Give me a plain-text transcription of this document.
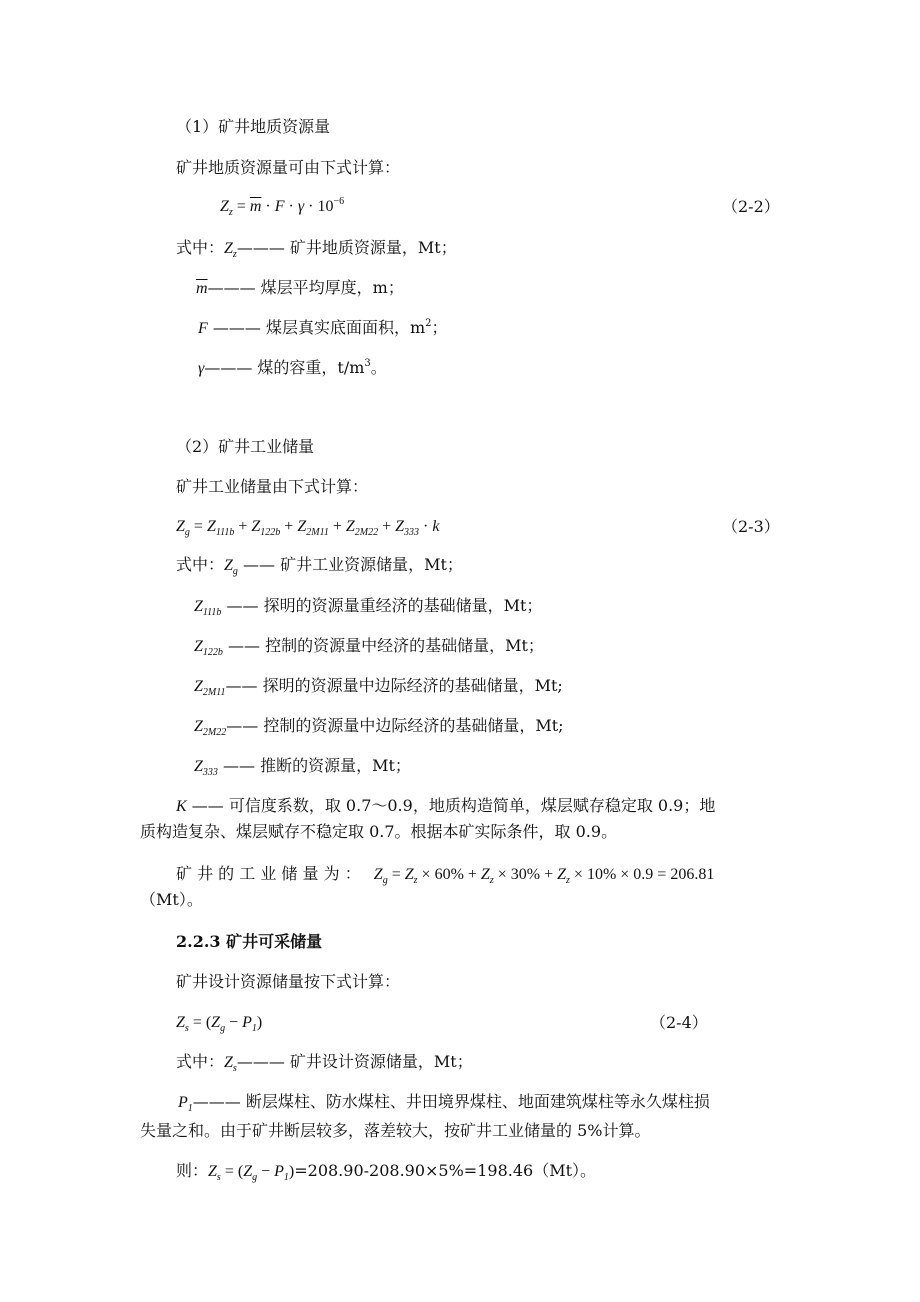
（1）矿井地质资源量
矿井地质资源量可由下式计算：
$Z_z = \overline{m} \cdot F \cdot \gamma \cdot 10^{-6}$	（2-2）
式中：$Z_z———$ 矿井地质资源量，Mt；
$\overline{m}———$ 煤层平均厚度，m；
F ——— 煤层真实底面面积，$m^2$；
γ——— 煤的容重，$t/m^3$。
（2）矿井工业储量
矿井工业储量由下式计算：
$Z_g = Z_{111b} + Z_{122b} + Z_{2M11} + Z_{2M22} + Z_{333} \cdot k$	（2-3）
式中：$Z_g$ —— 矿井工业资源储量，Mt；
$Z_{111b}$ —— 探明的资源量重经济的基础储量，Mt；
$Z_{122b}$ —— 控制的资源量中经济的基础储量，Mt；
$Z_{2M11}——$ 探明的资源量中边际经济的基础储量，Mt;
$Z_{2M22}——$ 控制的资源量中边际经济的基础储量，Mt;
$Z_{333}$ —— 推断的资源量，Mt；
K —— 可信度系数，取 0.7～0.9，地质构造简单，煤层赋存稳定取 0.9；地
质构造复杂、煤层赋存不稳定取 0.7。根据本矿实际条件，取 0.9。
矿 井 的 工 业 储 量 为 ： $Z_g = Z_z \times 60\% + Z_z \times 30\% + Z_z \times 10\% \times 0.9 = 206.81$
（Mt）。
2.2.3 矿井可采储量
矿井设计资源储量按下式计算：
$Z_s = (Z_g - P_1)$	（2-4）
式中：$Z_s———$ 矿井设计资源储量，Mt；
$P_1———$ 断层煤柱、防水煤柱、井田境界煤柱、地面建筑煤柱等永久煤柱损
失量之和。由于矿井断层较多，落差较大，按矿井工业储量的 5%计算。
则：$Z_s = (Z_g - P_1)=208.90-208.90\times 5\%=198.46(Mt)$。
